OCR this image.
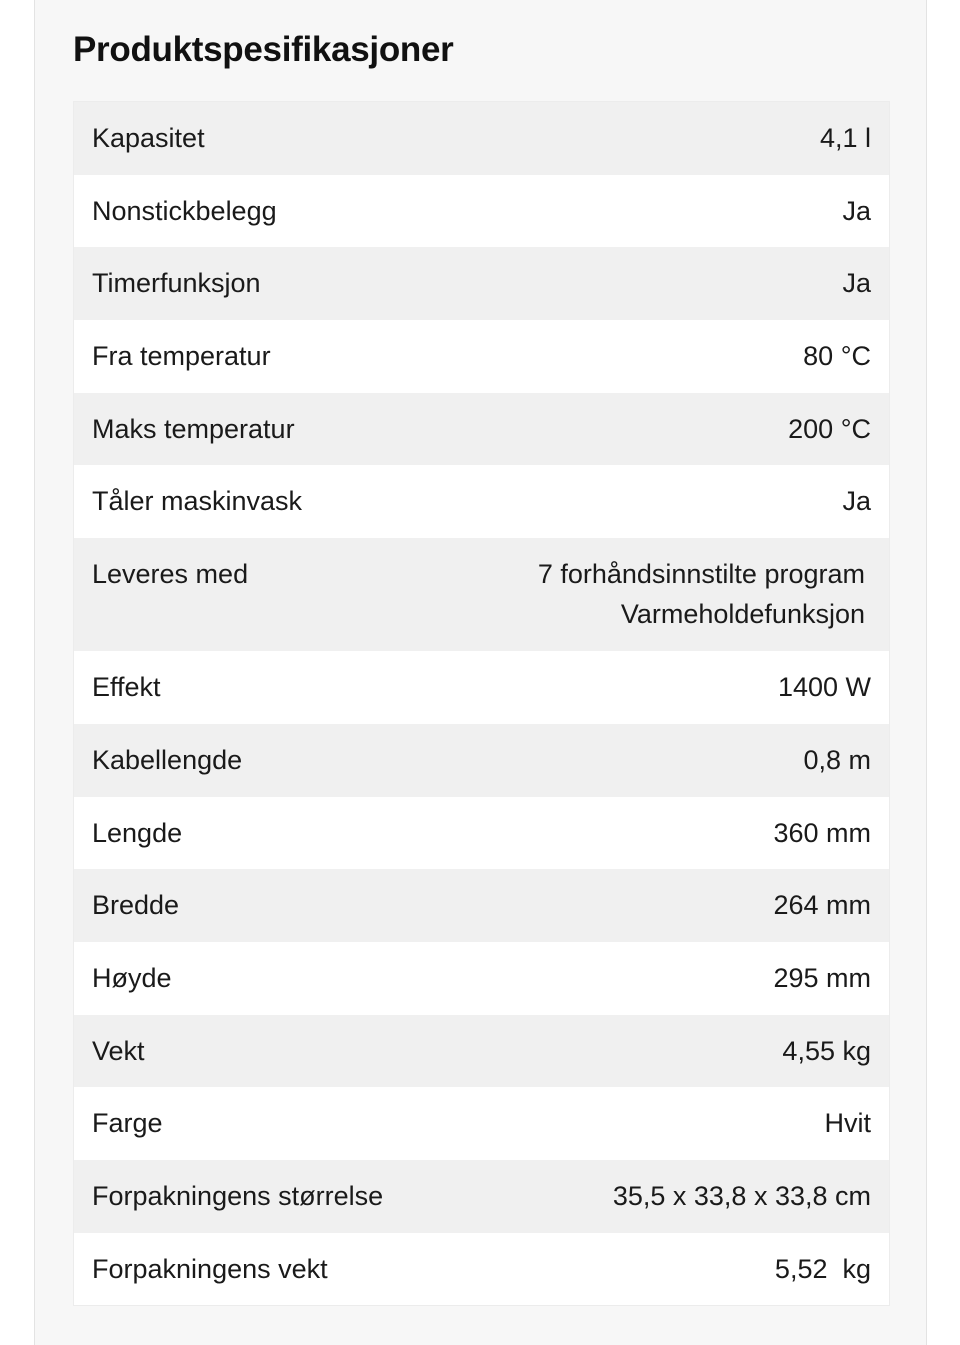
Produktspesifikasjoner
Kapasitet	4,1 l
Nonstickbelegg	Ja
Timerfunksjon	Ja
Fra temperatur	80 °C
Maks temperatur	200 °C
Tåler maskinvask	Ja
Leveres med	7 forhåndsinnstilte program
Varmeholdefunksjon
Effekt	1400 W
Kabellengde	0,8 m
Lengde	360 mm
Bredde	264 mm
Høyde	295 mm
Vekt	4,55 kg
Farge	Hvit
Forpakningens størrelse	35,5 x 33,8 x 33,8 cm
Forpakningens vekt	5,52  kg
